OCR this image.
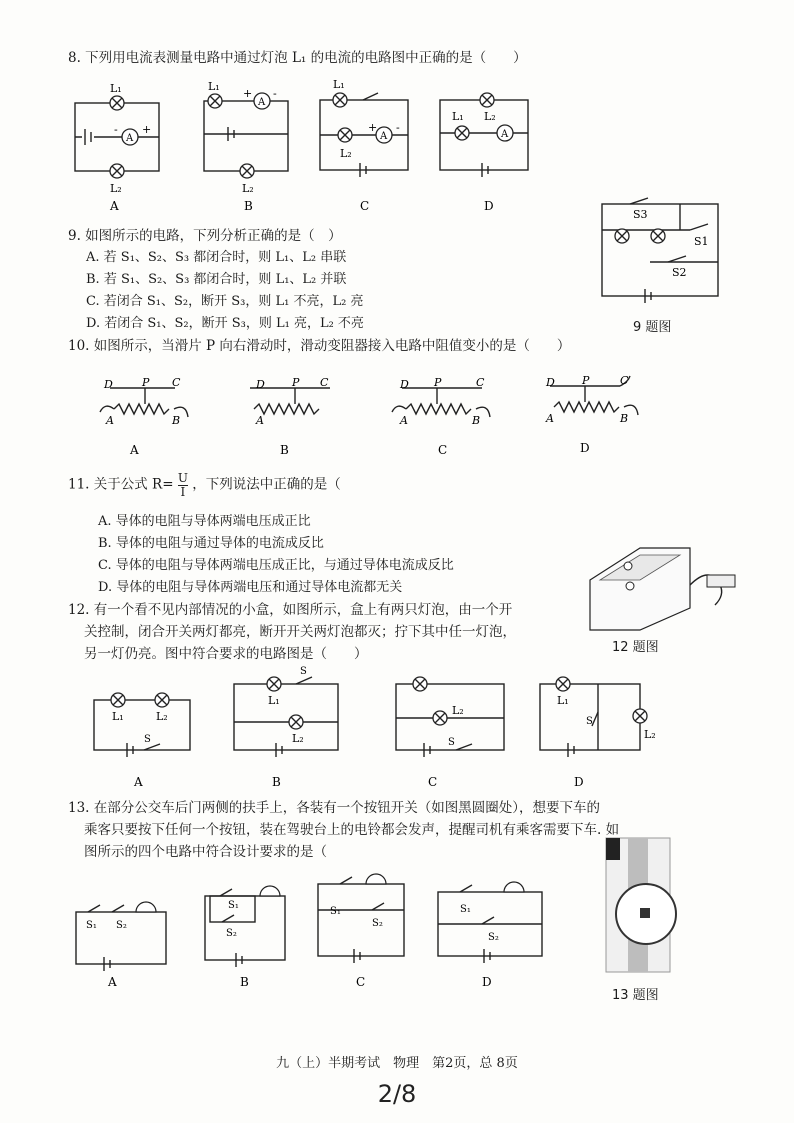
8. 下列用电流表测量电路中通过灯泡 L₁ 的电流的电路图中正确的是（　　）
A
- +
L₁
L₂
A
A
+ -
L₁
L₂
B
A
+ -
L₁
L₂
C
A
L₁ L₂
D
S3
S1
S2
D	P C
A	B
A
D P C
A
B
D P	C
A	B
C
D P	C
A	B
D
L₁	L₂
S
A
L₁
L₂
S
B
L₂
S
C
L₁
L₂
S
D
S₁ S₂
A
S₁
S₂
B
S₁
S₂
C
S₁
S₂
D
9. 如图所示的电路，下列分析正确的是（　）
A. 若 S₁、S₂、S₃ 都闭合时，则 L₁、L₂ 串联
B. 若 S₁、S₂、S₃ 都闭合时，则 L₁、L₂ 并联
C. 若闭合 S₁、S₂，断开 S₃，则 L₁ 不亮，L₂ 亮
D. 若闭合 S₁、S₂，断开 S₃，则 L₁ 亮，L₂ 不亮	9 题图
10. 如图所示，当滑片 P 向右滑动时，滑动变阻器接入电路中阻值变小的是（　　）
11. 关于公式 $R= \frac{U}{I}$ ，下列说法中正确的是（
A. 导体的电阻与导体两端电压成正比
B. 导体的电阻与通过导体的电流成反比
C. 导体的电阻与导体两端电压成正比，与通过导体电流成反比
D. 导体的电阻与导体两端电压和通过导体电流都无关
12. 有一个看不见内部情况的小盒，如图所示，盒上有两只灯泡，由一个开
关控制，闭合开关两灯都亮，断开开关两灯泡都灭；拧下其中任一灯泡，
另一灯仍亮。图中符合要求的电路图是（　　）	12 题图
13. 在部分公交车后门两侧的扶手上，各装有一个按钮开关（如图黑圆圈处），想要下车的
乘客只要按下任何一个按钮，装在驾驶台上的电铃都会发声，提醒司机有乘客需要下车. 如
图所示的四个电路中符合设计要求的是（
13 题图
九（上）半期考试　物理　第2页，总 8页
2/8
